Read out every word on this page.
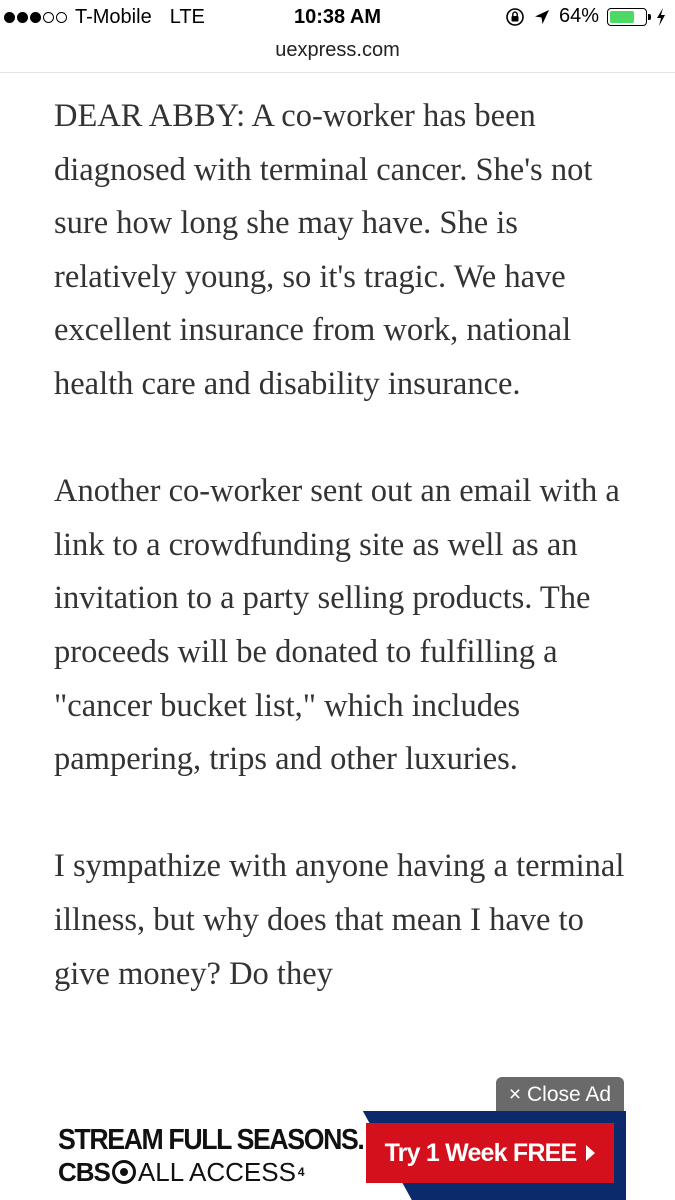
T-Mobile LTE	10:38 AM	64%
uexpress.com

DEAR ABBY: A co-worker has been diagnosed with terminal cancer. She's not sure how long she may have. She is relatively young, so it's tragic. We have excellent insurance from work, national health care and disability insurance.

Another co-worker sent out an email with a link to a crowdfunding site as well as an invitation to a party selling products. The proceeds will be donated to fulfilling a "cancer bucket list," which includes pampering, trips and other luxuries.

I sympathize with anyone having a terminal illness, but why does that mean I have to give money? Do they

× Close Ad
STREAM FULL SEASONS.
CBS ALL ACCESS 4
Try 1 Week FREE
